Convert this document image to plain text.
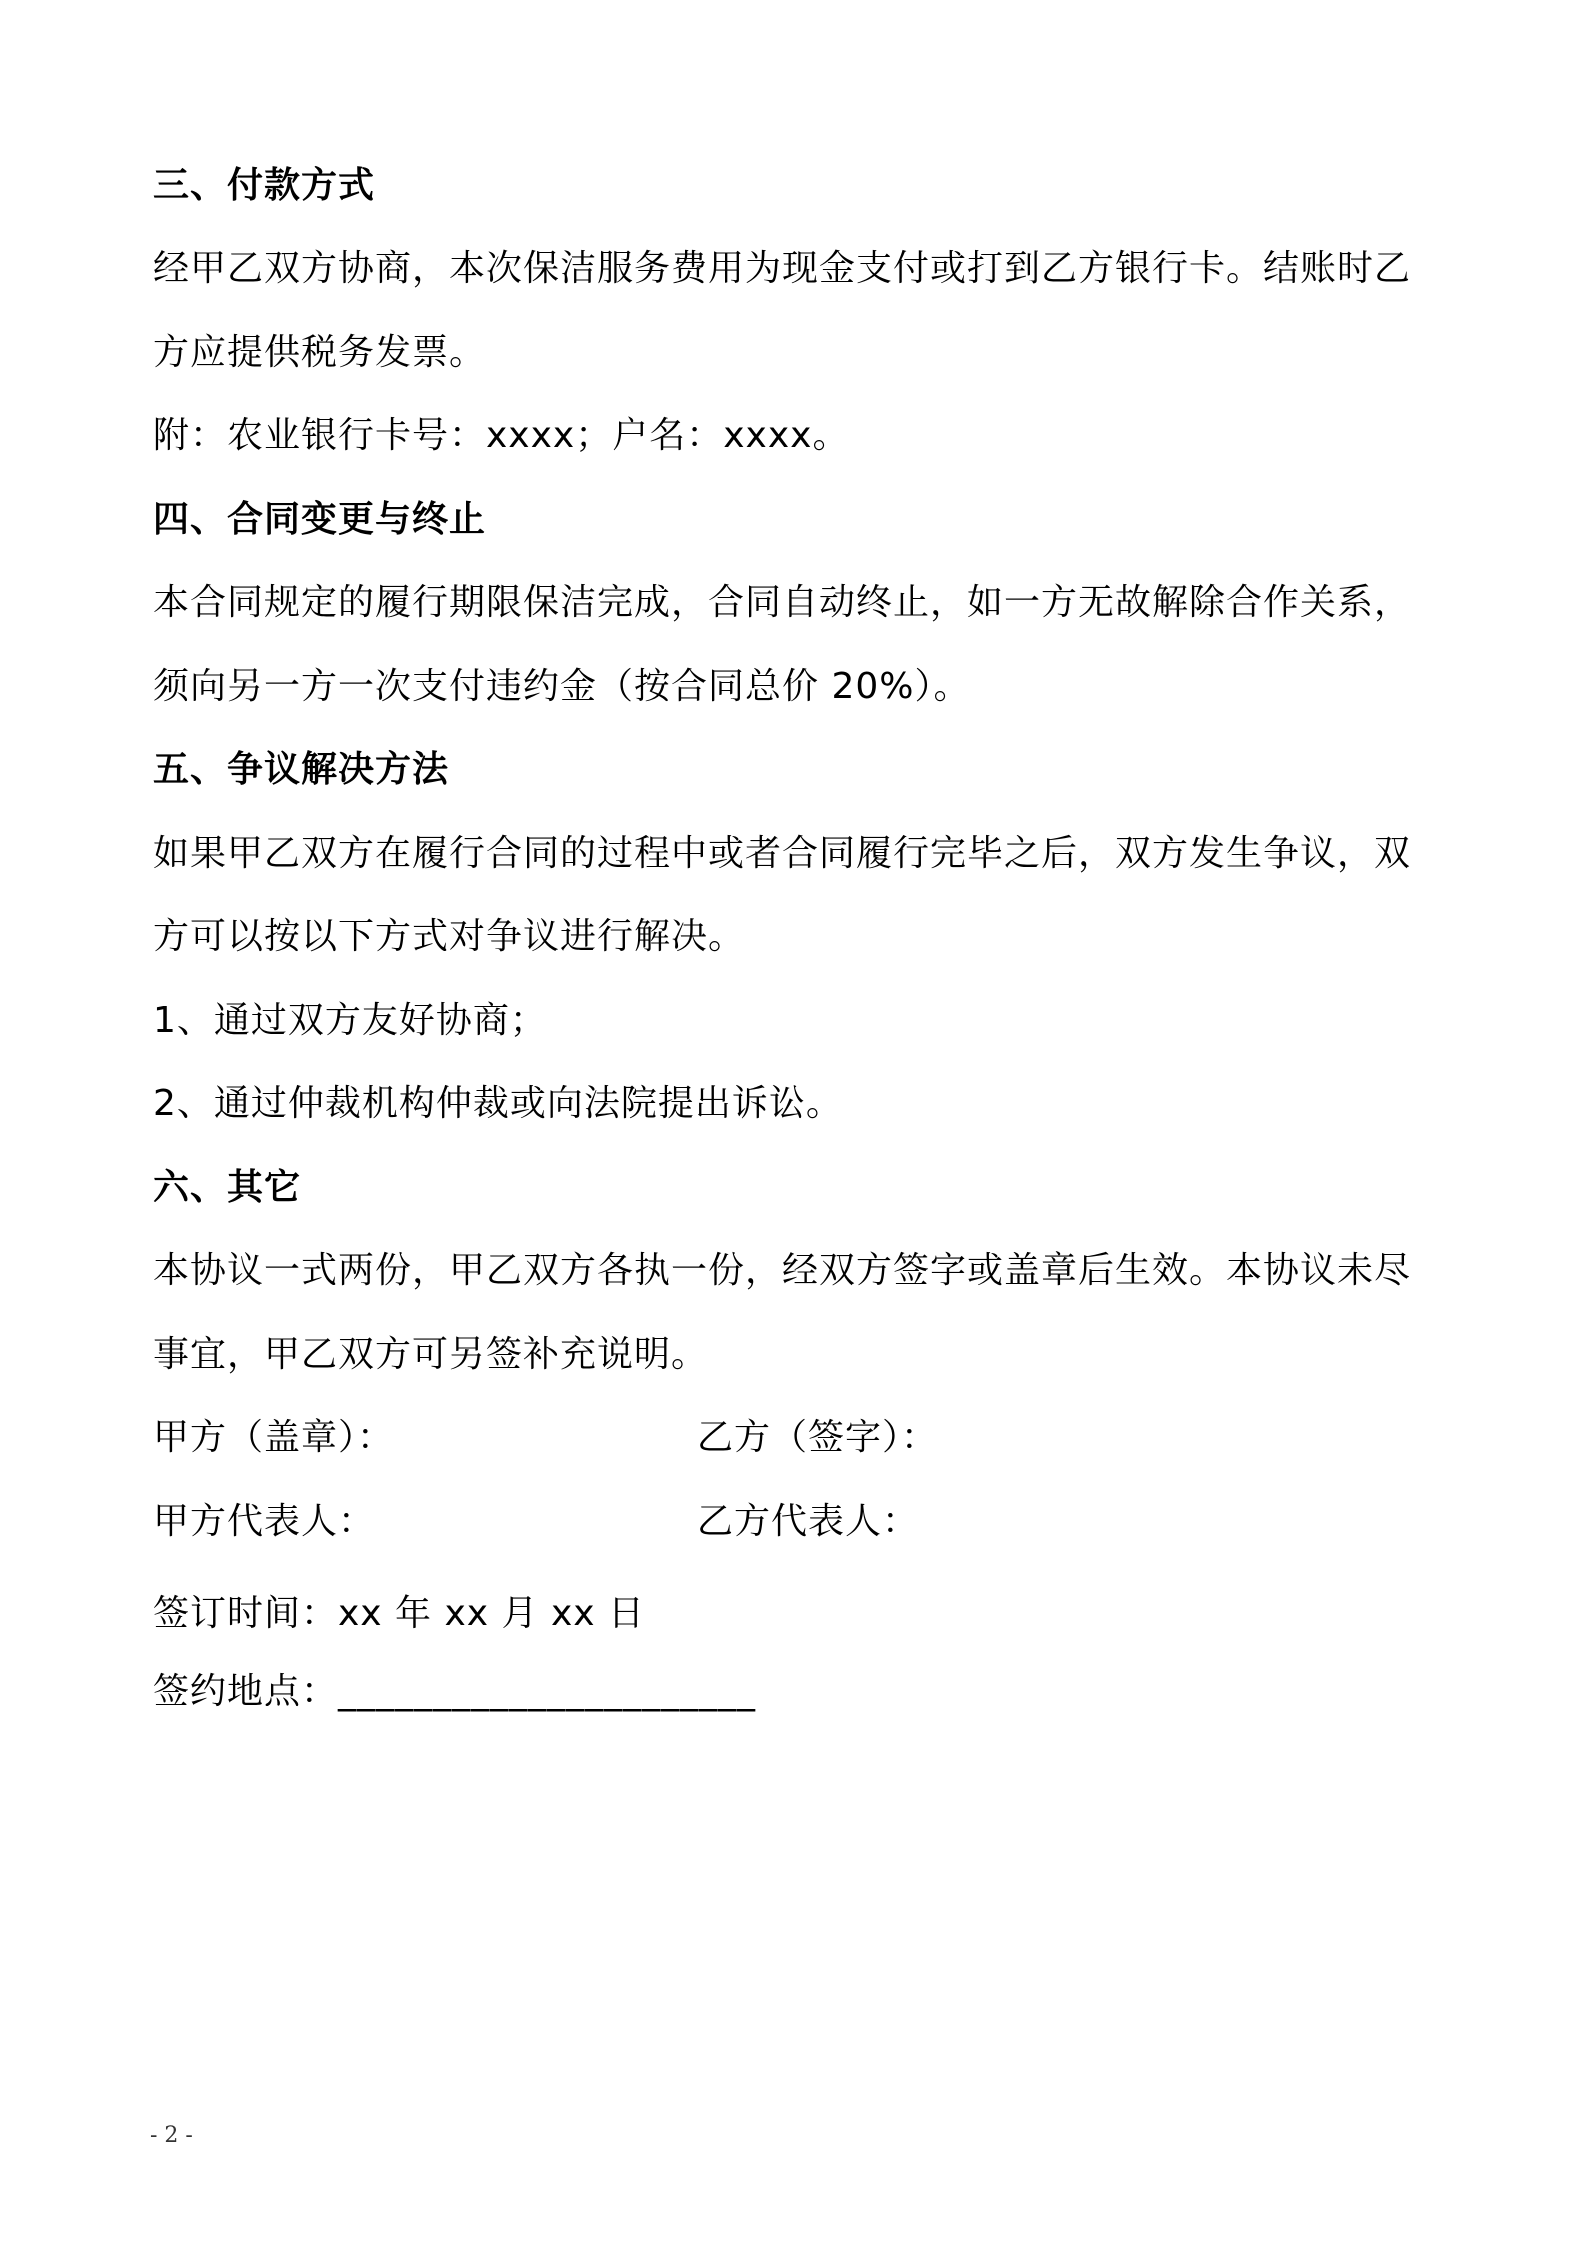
三、付款方式
经甲乙双方协商，本次保洁服务费用为现金支付或打到乙方银行卡。结账时乙
方应提供税务发票。
附：农业银行卡号：xxxx；户名：xxxx。
四、合同变更与终止
本合同规定的履行期限保洁完成，合同自动终止，如一方无故解除合作关系，
须向另一方一次支付违约金（按合同总价 20%）。
五、争议解决方法
如果甲乙双方在履行合同的过程中或者合同履行完毕之后，双方发生争议，双
方可以按以下方式对争议进行解决。
1、通过双方友好协商；
2、通过仲裁机构仲裁或向法院提出诉讼。
六、其它
本协议一式两份，甲乙双方各执一份，经双方签字或盖章后生效。本协议未尽
事宜，甲乙双方可另签补充说明。
甲方（盖章）：	乙方（签字）：
甲方代表人：	乙方代表人：
签订时间：xx 年 xx 月 xx 日
签约地点：______________________
- 2 -
